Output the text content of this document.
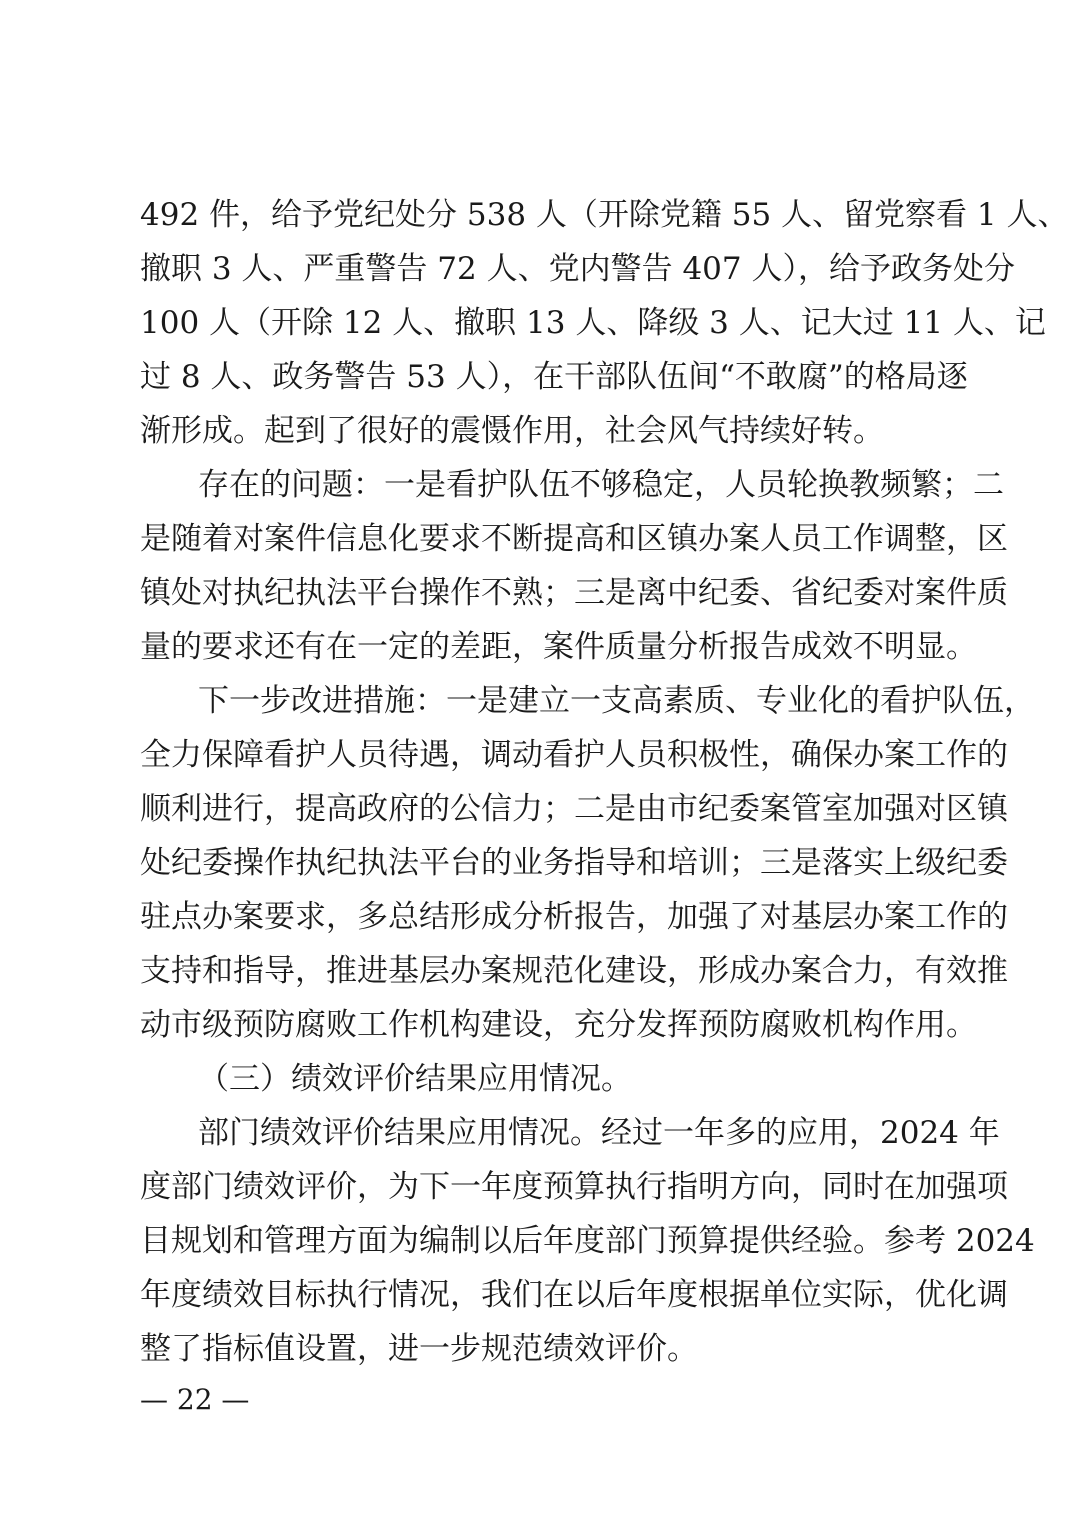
492 件，给予党纪处分 538 人（开除党籍 55 人、留党察看 1 人、
撤职 3 人、严重警告 72 人、党内警告 407 人），给予政务处分
100 人（开除 12 人、撤职 13 人、降级 3 人、记大过 11 人、记
过 8 人、政务警告 53 人），在干部队伍间“不敢腐”的格局逐
渐形成。起到了很好的震慑作用，社会风气持续好转。
存在的问题：一是看护队伍不够稳定，人员轮换教频繁；二
是随着对案件信息化要求不断提高和区镇办案人员工作调整，区
镇处对执纪执法平台操作不熟；三是离中纪委、省纪委对案件质
量的要求还有在一定的差距，案件质量分析报告成效不明显。
下一步改进措施：一是建立一支高素质、专业化的看护队伍，
全力保障看护人员待遇，调动看护人员积极性，确保办案工作的
顺利进行，提高政府的公信力；二是由市纪委案管室加强对区镇
处纪委操作执纪执法平台的业务指导和培训；三是落实上级纪委
驻点办案要求，多总结形成分析报告，加强了对基层办案工作的
支持和指导，推进基层办案规范化建设，形成办案合力，有效推
动市级预防腐败工作机构建设，充分发挥预防腐败机构作用。
（三）绩效评价结果应用情况。
部门绩效评价结果应用情况。经过一年多的应用，2024 年
度部门绩效评价，为下一年度预算执行指明方向，同时在加强项
目规划和管理方面为编制以后年度部门预算提供经验。参考 2024
年度绩效目标执行情况，我们在以后年度根据单位实际，优化调
整了指标值设置，进一步规范绩效评价。
— 22 —
